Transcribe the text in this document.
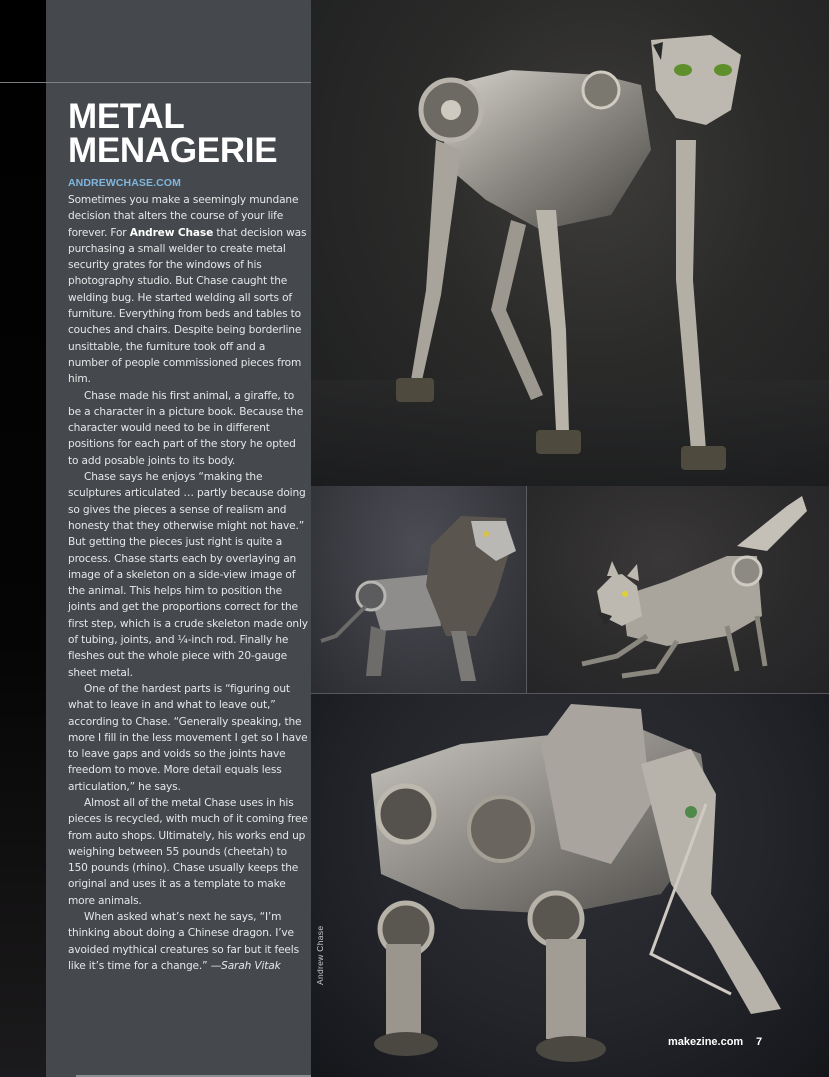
METAL
MENAGERIE
ANDREWCHASE.COM

Sometimes you make a seemingly mundane decision that alters the course of your life forever. For Andrew Chase that decision was purchasing a small welder to create metal security grates for the windows of his photography studio. But Chase caught the welding bug. He started welding all sorts of furniture. Everything from beds and tables to couches and chairs. Despite being borderline unsittable, the furniture took off and a number of people commissioned pieces from him.

Chase made his first animal, a giraffe, to be a character in a picture book. Because the character would need to be in different positions for each part of the story he opted to add posable joints to its body.

Chase says he enjoys “making the sculptures articulated … partly because doing so gives the pieces a sense of realism and honesty that they otherwise might not have.” But getting the pieces just right is quite a process. Chase starts each by overlaying an image of a skeleton on a side-view image of the animal. This helps him to position the joints and get the proportions correct for the first step, which is a crude skeleton made only of tubing, joints, and ¼-inch rod. Finally he fleshes out the whole piece with 20-gauge sheet metal.

One of the hardest parts is “figuring out what to leave in and what to leave out,” according to Chase. “Generally speaking, the more I fill in the less movement I get so I have to leave gaps and voids so the joints have freedom to move. More detail equals less articulation,” he says.

Almost all of the metal Chase uses in his pieces is recycled, with much of it coming free from auto shops. Ultimately, his works end up weighing between 55 pounds (cheetah) to 150 pounds (rhino). Chase usually keeps the original and uses it as a template to make more animals.

When asked what’s next he says, “I’m thinking about doing a Chinese dragon. I’ve avoided mythical creatures so far but it feels like it’s time for a change.” —Sarah Vitak	Andrew Chase
makezine.com 7
